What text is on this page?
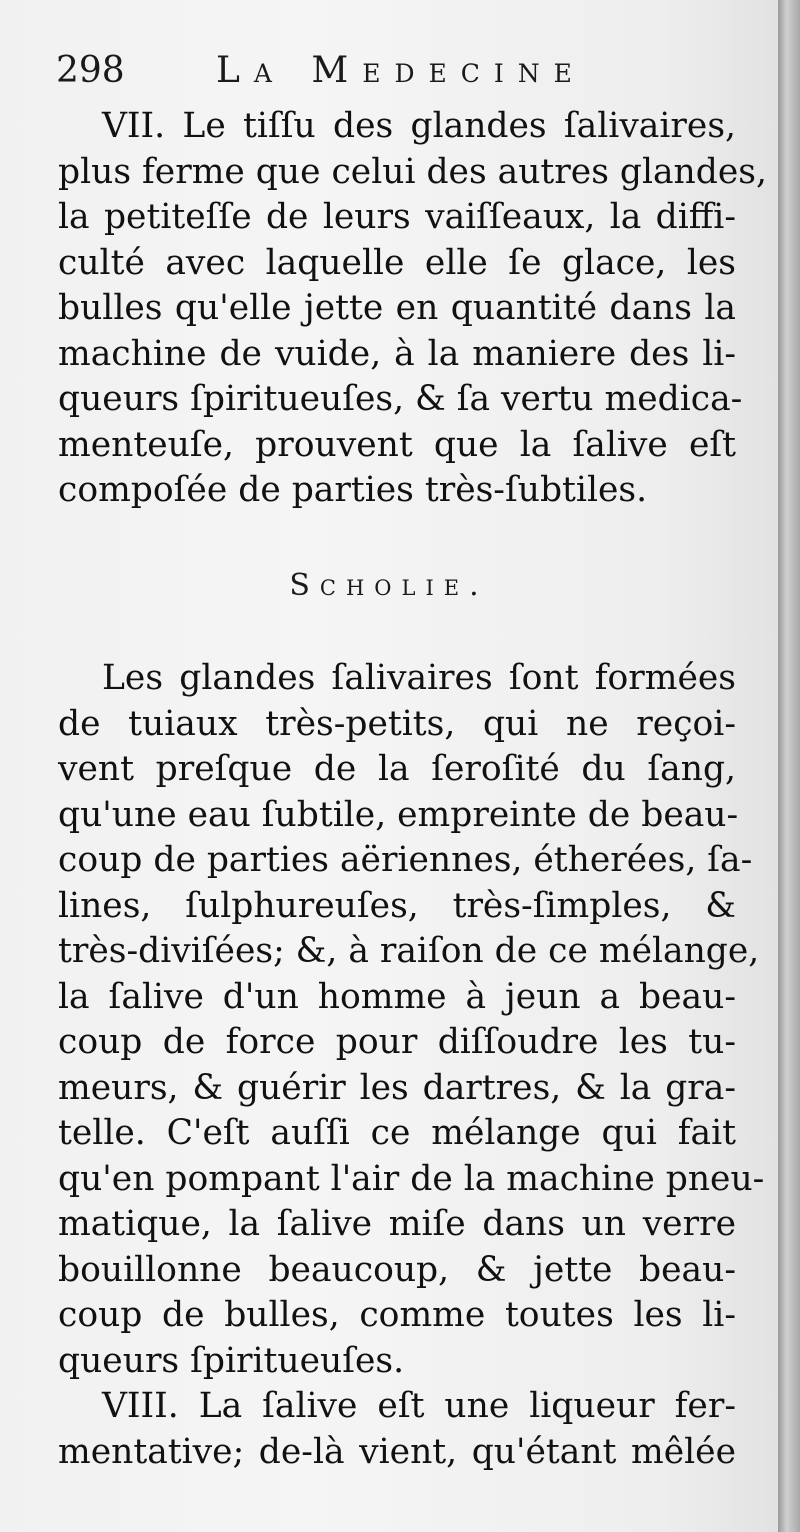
298	La Medecine
VII. Le tiſſu des glandes ſalivaires,
plus ferme que celui des autres glandes,
la petiteſſe de leurs vaiſſeaux, la diffi-
culté avec laquelle elle ſe glace, les
bulles qu'elle jette en quantité dans la
machine de vuide, à la maniere des li-
queurs ſpiritueuſes, & ſa vertu medica-
menteuſe, prouvent que la ſalive eſt
compoſée de parties très-ſubtiles.
Scholie.
Les glandes ſalivaires ſont formées
de tuiaux très-petits, qui ne reçoi-
vent preſque de la ſeroſité du ſang,
qu'une eau ſubtile, empreinte de beau-
coup de parties aëriennes, étherées, ſa-
lines, ſulphureuſes, très-ſimples, &
très-diviſées; &, à raiſon de ce mélange,
la ſalive d'un homme à jeun a beau-
coup de force pour diſſoudre les tu-
meurs, & guérir les dartres, & la gra-
telle. C'eſt auſſi ce mélange qui fait
qu'en pompant l'air de la machine pneu-
matique, la ſalive miſe dans un verre
bouillonne beaucoup, & jette beau-
coup de bulles, comme toutes les li-
queurs ſpiritueuſes.
VIII. La ſalive eſt une liqueur fer-
mentative; de-là vient, qu'étant mêlée
